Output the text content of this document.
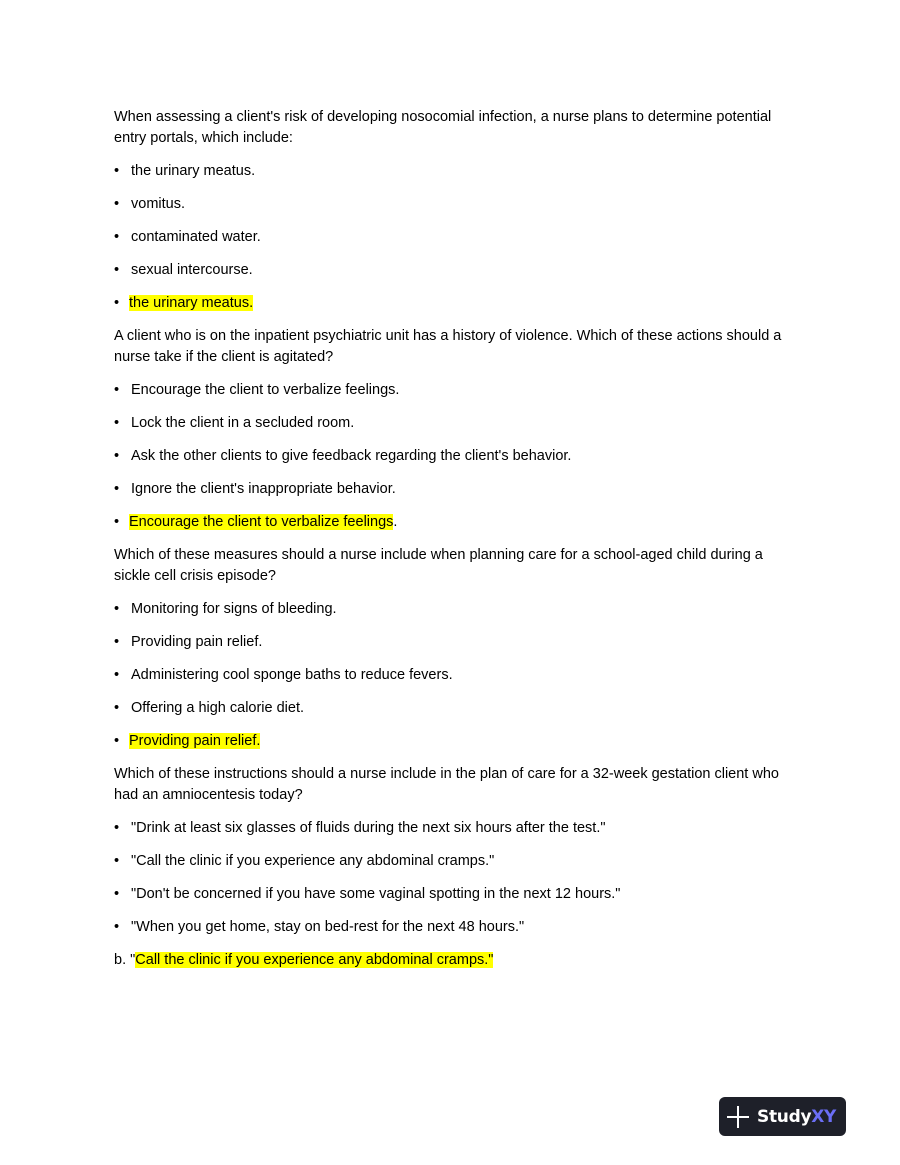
When assessing a client's risk of developing nosocomial infection, a nurse plans to determine potential entry portals, which include:

• the urinary meatus.
• vomitus.
• contaminated water.
• sexual intercourse.
• the urinary meatus.

A client who is on the inpatient psychiatric unit has a history of violence. Which of these actions should a nurse take if the client is agitated?

• Encourage the client to verbalize feelings.
• Lock the client in a secluded room.
• Ask the other clients to give feedback regarding the client's behavior.
• Ignore the client's inappropriate behavior.
• Encourage the client to verbalize feelings.

Which of these measures should a nurse include when planning care for a school-aged child during a sickle cell crisis episode?

• Monitoring for signs of bleeding.
• Providing pain relief.
• Administering cool sponge baths to reduce fevers.
• Offering a high calorie diet.
• Providing pain relief.

Which of these instructions should a nurse include in the plan of care for a 32-week gestation client who had an amniocentesis today?

• "Drink at least six glasses of fluids during the next six hours after the test."
• "Call the clinic if you experience any abdominal cramps."
• "Don't be concerned if you have some vaginal spotting in the next 12 hours."
• "When you get home, stay on bed-rest for the next 48 hours."
b. "Call the clinic if you experience any abdominal cramps."
StudyXY
